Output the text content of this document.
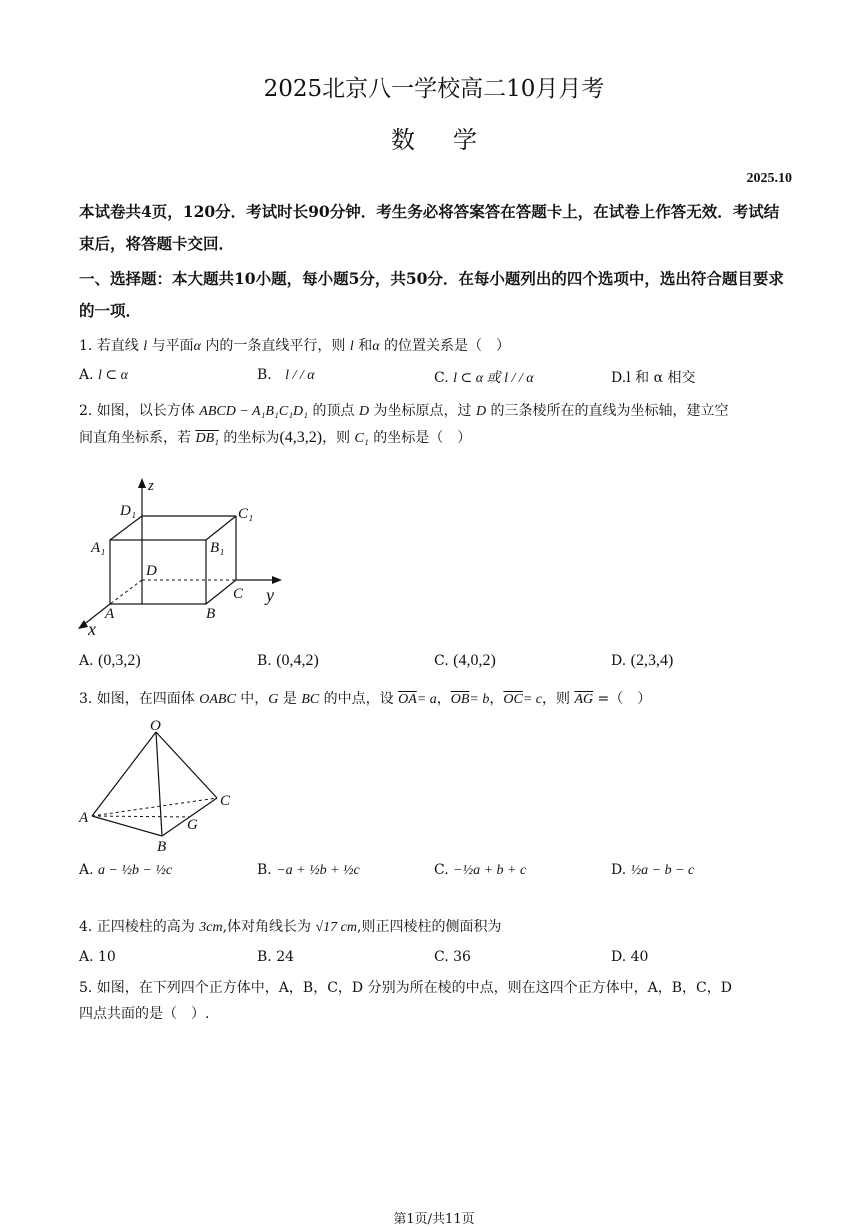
2025北京八一学校高二10月月考
数学
2025.10
本试卷共4页，120分．考试时长90分钟．考生务必将答案答在答题卡上，在试卷上作答无效．考试结束后，将答题卡交回．
一、选择题：本大题共10小题，每小题5分，共50分．在每小题列出的四个选项中，选出符合题目要求的一项．
1. 若直线 l 与平面α 内的一条直线平行，则 l 和α 的位置关系是（　）
A. l ⊂ α	B. l / / α	C. l ⊂ α 或 l / / α	D.l 和 α 相交
2. 如图，以长方体 ABCD − A₁B₁C₁D₁ 的顶点 D 为坐标原点，过 D 的三条棱所在的直线为坐标轴，建立空
间直角坐标系，若 DB₁ 的坐标为(4,3,2)，则 C₁ 的坐标是（　）
z
D₁	C₁
A₁	B₁
D
C y
A	B
x
A. (0,3,2)	B. (0,4,2)	C. (4,0,2)	D. (2,3,4)
3. 如图，在四面体 OABC 中，G 是 BC 的中点，设 $\overline{OA}= a$，$\overline{OB}= b$，$\overline{OC}= c$，则 $\overline{AG}$ =（　）
O
C
A	G
B
A. a − ½b − ½c	B. −a + ½b + ½c	C. −½a + b + c	D. ½a − b − c
4. 正四棱柱的高为 3cm,体对角线长为 √17 cm,则正四棱柱的侧面积为
A. 10	B. 24	C. 36	D. 40
5. 如图，在下列四个正方体中，A，B，C，D 分别为所在棱的中点，则在这四个正方体中，A，B，C，D
四点共面的是（　）.
第1页/共11页
